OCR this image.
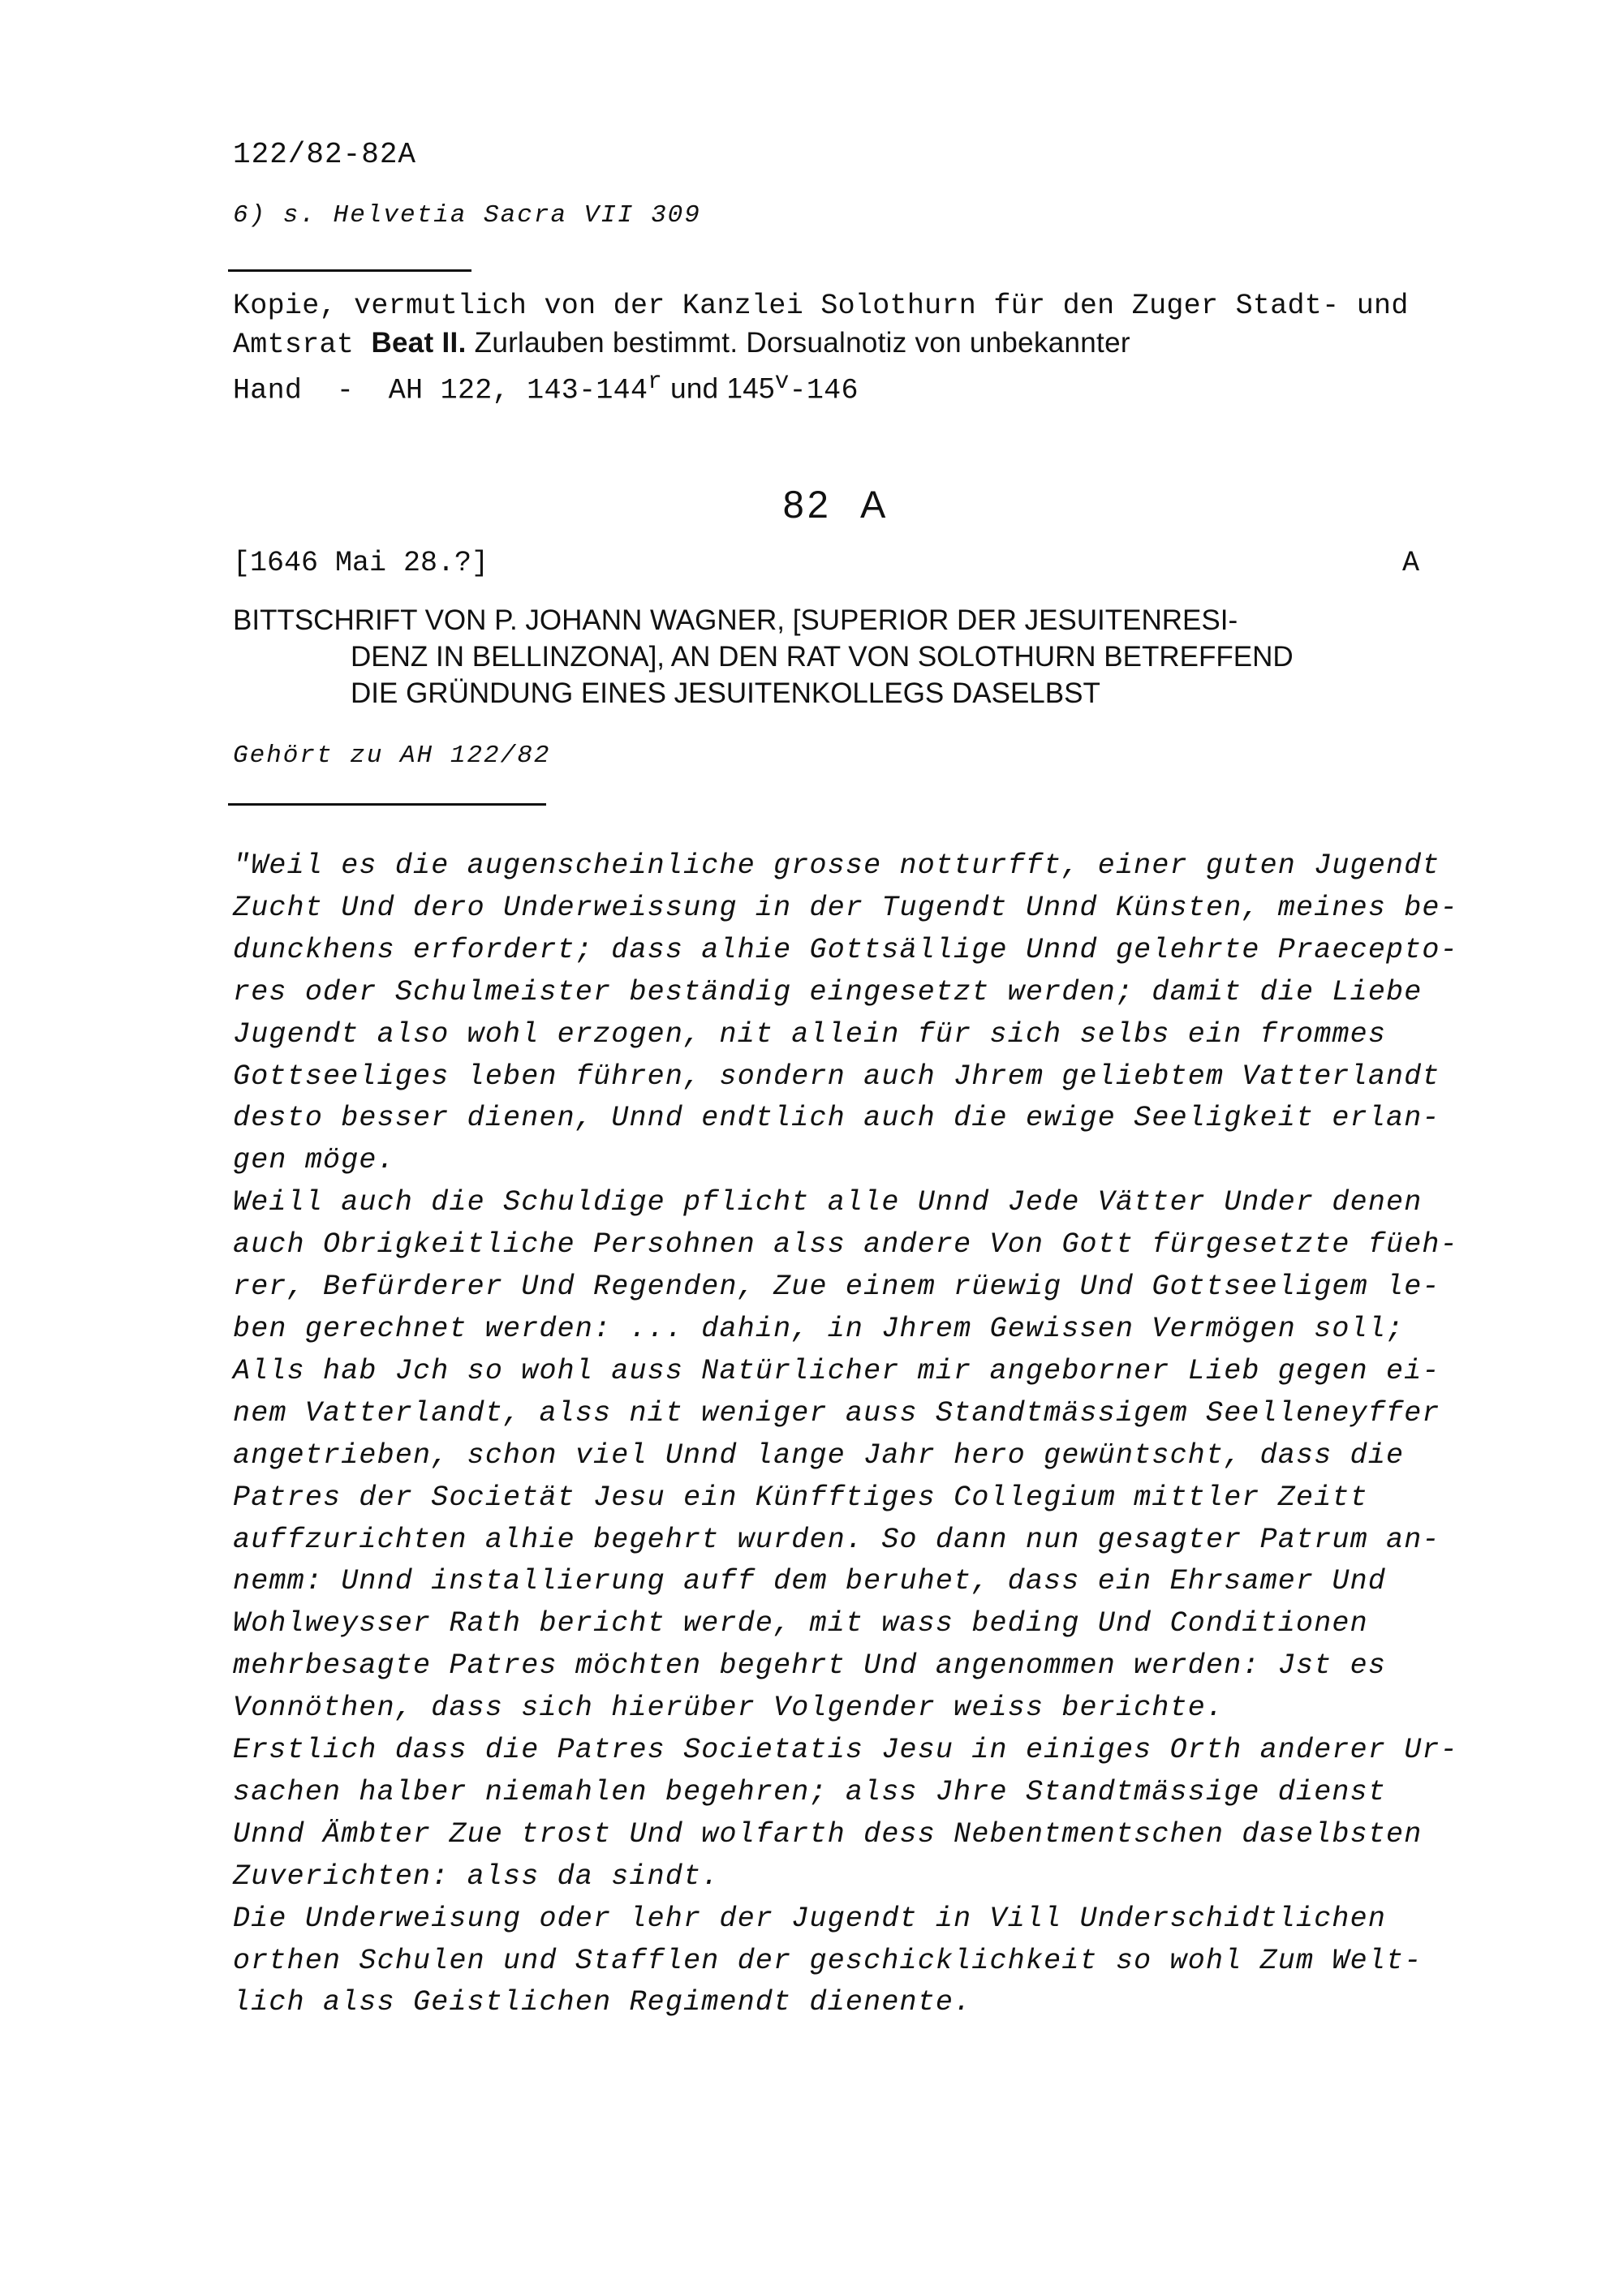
122/82-82A
6) s. Helvetia Sacra VII 309
Kopie, vermutlich von der Kanzlei Solothurn für den Zuger Stadt- und
Amtsrat Beat II. Zurlauben bestimmt. Dorsualnotiz von unbekannter
Hand  -  AH 122, 143-144$^r$ und 145$^v$-146
82 A
[1646 Mai 28.?]	A
BITTSCHRIFT VON P. JOHANN WAGNER, [SUPERIOR DER JESUITENRESI-
DENZ IN BELLINZONA], AN DEN RAT VON SOLOTHURN BETREFFEND
DIE GRÜNDUNG EINES JESUITENKOLLEGS DASELBST
Gehört zu AH 122/82
"Weil es die augenscheinliche grosse notturfft, einer guten Jugendt
Zucht Und dero Underweissung in der Tugendt Unnd Künsten, meines be-
dunckhens erfordert; dass alhie Gottsällige Unnd gelehrte Praecepto-
res oder Schulmeister beständig eingesetzt werden; damit die Liebe
Jugendt also wohl erzogen, nit allein für sich selbs ein frommes
Gottseeliges leben führen, sondern auch Jhrem geliebtem Vatterlandt
desto besser dienen, Unnd endtlich auch die ewige Seeligkeit erlan-
gen möge.
Weill auch die Schuldige pflicht alle Unnd Jede Vätter Under denen
auch Obrigkeitliche Persohnen alss andere Von Gott fürgesetzte füeh-
rer, Befürderer Und Regenden, Zue einem rüewig Und Gottseeligem le-
ben gerechnet werden: ... dahin, in Jhrem Gewissen Vermögen soll;
Alls hab Jch so wohl auss Natürlicher mir angeborner Lieb gegen ei-
nem Vatterlandt, alss nit weniger auss Standtmässigem Seelleneyffer
angetrieben, schon viel Unnd lange Jahr hero gewüntscht, dass die
Patres der Societät Jesu ein Künfftiges Collegium mittler Zeitt
auffzurichten alhie begehrt wurden. So dann nun gesagter Patrum an-
nemm: Unnd installierung auff dem beruhet, dass ein Ehrsamer Und
Wohlweysser Rath bericht werde, mit wass beding Und Conditionen
mehrbesagte Patres möchten begehrt Und angenommen werden: Jst es
Vonnöthen, dass sich hierüber Volgender weiss berichte.
Erstlich dass die Patres Societatis Jesu in einiges Orth anderer Ur-
sachen halber niemahlen begehren; alss Jhre Standtmässige dienst
Unnd Ämbter Zue trost Und wolfarth dess Nebentmentschen daselbsten
Zuverichten: alss da sindt.
Die Underweisung oder lehr der Jugendt in Vill Underschidtlichen
orthen Schulen und Stafflen der geschicklichkeit so wohl Zum Welt-
lich alss Geistlichen Regimendt dienente.
